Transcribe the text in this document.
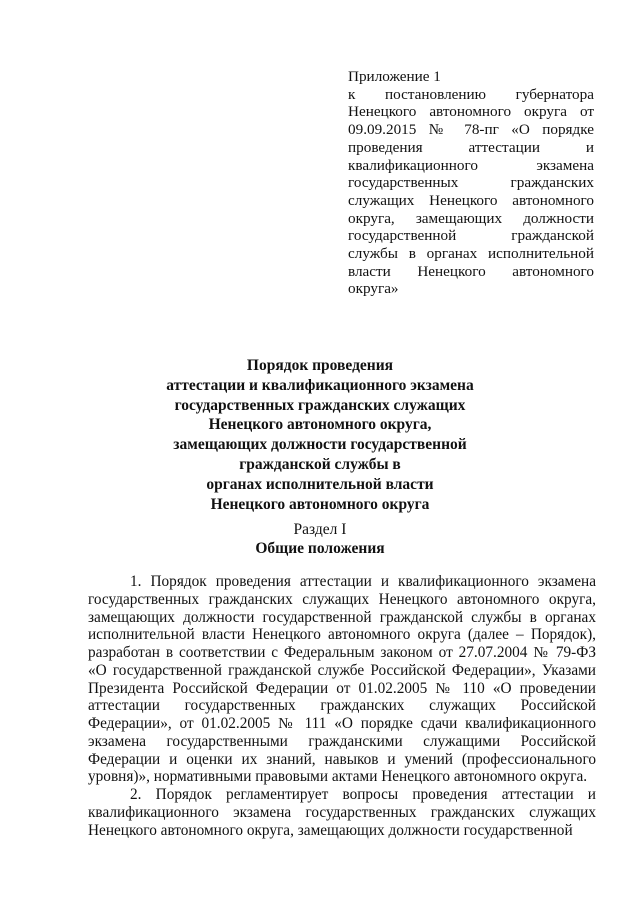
Приложение 1
к постановлению губернатора Ненецкого автономного округа от 09.09.2015 № 78-пг «О порядке проведения аттестации и квалификационного экзамена государственных гражданских служащих Ненецкого автономного округа, замещающих должности государственной гражданской службы в органах исполнительной власти Ненецкого автономного округа»
Порядок проведения
аттестации и квалификационного экзамена
государственных гражданских служащих
Ненецкого автономного округа,
замещающих должности государственной
гражданской службы в
органах исполнительной власти
Ненецкого автономного округа
Раздел I
Общие положения

1. Порядок проведения аттестации и квалификационного экзамена государственных гражданских служащих Ненецкого автономного округа, замещающих должности государственной гражданской службы в органах исполнительной власти Ненецкого автономного округа (далее – Порядок), разработан в соответствии с Федеральным законом от 27.07.2004 № 79-ФЗ «О государственной гражданской службе Российской Федерации», Указами Президента Российской Федерации от 01.02.2005 № 110 «О проведении аттестации государственных гражданских служащих Российской Федерации», от 01.02.2005 № 111 «О порядке сдачи квалификационного экзамена государственными гражданскими служащими Российской Федерации и оценки их знаний, навыков и умений (профессионального уровня)», нормативными правовыми актами Ненецкого автономного округа.

2. Порядок регламентирует вопросы проведения аттестации и квалификационного экзамена государственных гражданских служащих Ненецкого автономного округа, замещающих должности государственной
